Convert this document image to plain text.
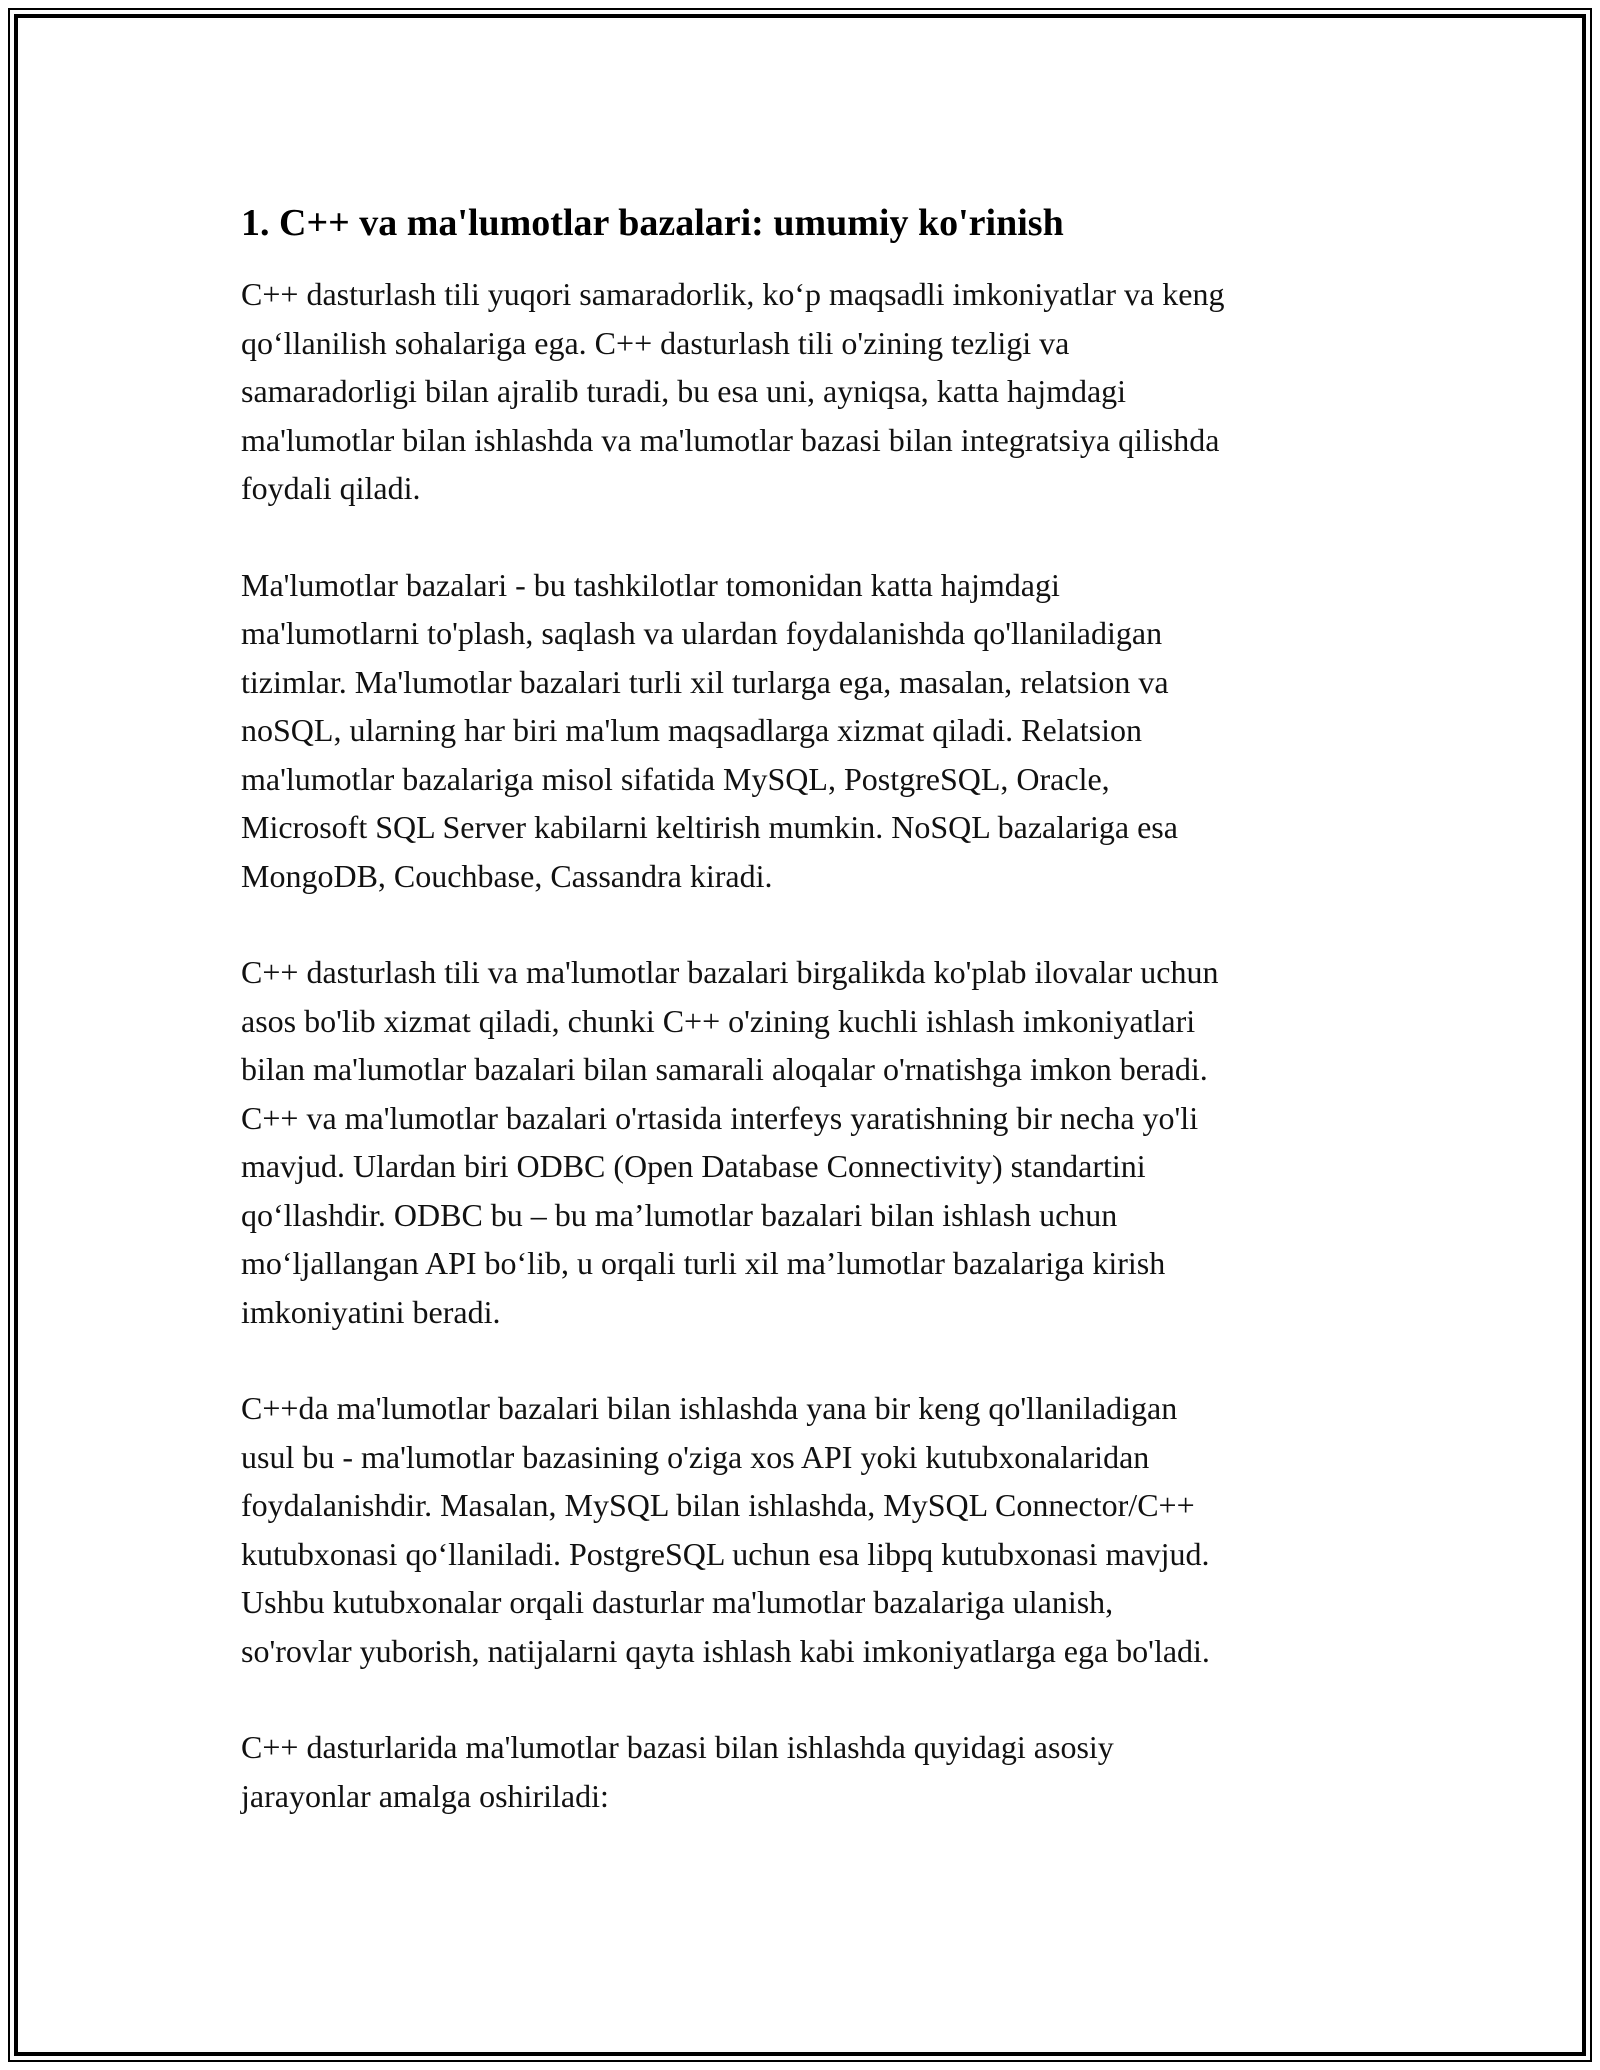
1. C++ va ma'lumotlar bazalari: umumiy ko'rinish

C++ dasturlash tili yuqori samaradorlik, ko‘p maqsadli imkoniyatlar va keng
qo‘llanilish sohalariga ega. C++ dasturlash tili o'zining tezligi va
samaradorligi bilan ajralib turadi, bu esa uni, ayniqsa, katta hajmdagi
ma'lumotlar bilan ishlashda va ma'lumotlar bazasi bilan integratsiya qilishda
foydali qiladi.

Ma'lumotlar bazalari - bu tashkilotlar tomonidan katta hajmdagi
ma'lumotlarni to'plash, saqlash va ulardan foydalanishda qo'llaniladigan
tizimlar. Ma'lumotlar bazalari turli xil turlarga ega, masalan, relatsion va
noSQL, ularning har biri ma'lum maqsadlarga xizmat qiladi. Relatsion
ma'lumotlar bazalariga misol sifatida MySQL, PostgreSQL, Oracle,
Microsoft SQL Server kabilarni keltirish mumkin. NoSQL bazalariga esa
MongoDB, Couchbase, Cassandra kiradi.

C++ dasturlash tili va ma'lumotlar bazalari birgalikda ko'plab ilovalar uchun
asos bo'lib xizmat qiladi, chunki C++ o'zining kuchli ishlash imkoniyatlari
bilan ma'lumotlar bazalari bilan samarali aloqalar o'rnatishga imkon beradi.
C++ va ma'lumotlar bazalari o'rtasida interfeys yaratishning bir necha yo'li
mavjud. Ulardan biri ODBC (Open Database Connectivity) standartini
qo‘llashdir. ODBC bu – bu ma’lumotlar bazalari bilan ishlash uchun
mo‘ljallangan API bo‘lib, u orqali turli xil ma’lumotlar bazalariga kirish
imkoniyatini beradi.

C++da ma'lumotlar bazalari bilan ishlashda yana bir keng qo'llaniladigan
usul bu - ma'lumotlar bazasining o'ziga xos API yoki kutubxonalaridan
foydalanishdir. Masalan, MySQL bilan ishlashda, MySQL Connector/C++
kutubxonasi qo‘llaniladi. PostgreSQL uchun esa libpq kutubxonasi mavjud.
Ushbu kutubxonalar orqali dasturlar ma'lumotlar bazalariga ulanish,
so'rovlar yuborish, natijalarni qayta ishlash kabi imkoniyatlarga ega bo'ladi.

C++ dasturlarida ma'lumotlar bazasi bilan ishlashda quyidagi asosiy
jarayonlar amalga oshiriladi:
